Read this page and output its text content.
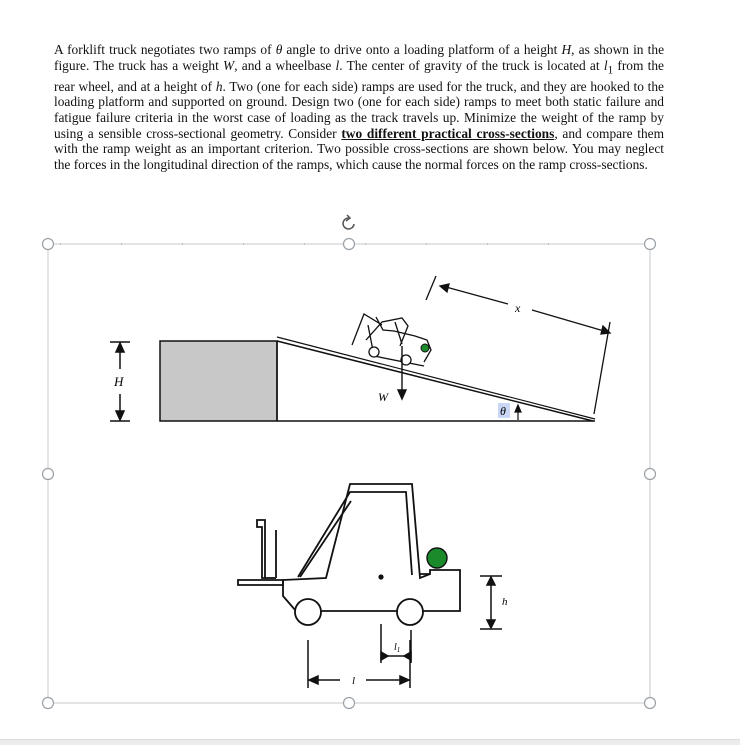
A forklift truck negotiates two ramps of θ angle to drive onto a loading platform of a height H, as shown in the figure. The truck has a weight W, and a wheelbase l. The center of gravity of the truck is located at $l_1$ from the rear wheel, and at a height of h. Two (one for each side) ramps are used for the truck, and they are hooked to the loading platform and supported on ground. Design two (one for each side) ramps to meet both static failure and fatigue failure criteria in the worst case of loading as the track travels up. Minimize the weight of the ramp by using a sensible cross-sectional geometry. Consider two different practical cross-sections, and compare them with the ramp weight as an important criterion. Two possible cross-sections are shown below. You may neglect the forces in the longitudinal direction of the ramps, which cause the normal forces on the ramp cross-sections.
H
W
x
θ
h
$l_1$
l
